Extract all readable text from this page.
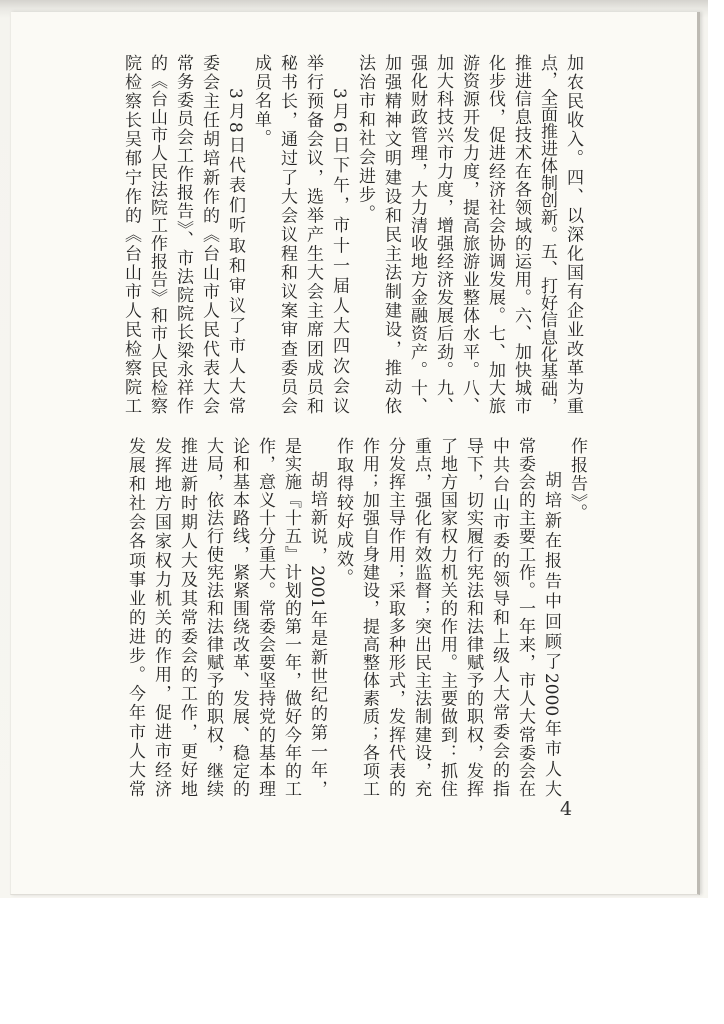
加农民收入。四、以深化国有企业改革为重
点，全面推进体制创新。五、打好信息化基础，
推进信息技术在各领域的运用。六、加快城市
化步伐，促进经济社会协调发展。七、加大旅
游资源开发力度，提高旅游业整体水平。八、
加大科技兴市力度，增强经济发展后劲。九、
强化财政管理，大力清收地方金融资产。十、
加强精神文明建设和民主法制建设，推动依
法治市和社会进步。
3月6日下午，市十一届人大四次会议
举行预备会议，选举产生大会主席团成员和
秘书长，通过了大会议程和议案审查委员会
成员名单。
3月8日代表们听取和审议了市人大常
委会主任胡培新作的《台山市人民代表大会
常务委员会工作报告》、市法院院长梁永祥作
的《台山市人民法院工作报告》和市人民检察
院检察长吴郁宁作的《台山市人民检察院工
作报告》。
胡培新在报告中回顾了2000年市人大
常委会的主要工作。一年来，市人大常委会在
中共台山市委的领导和上级人大常委会的指
导下，切实履行宪法和法律赋予的职权，发挥
了地方国家权力机关的作用。主要做到：抓住
重点，强化有效监督；突出民主法制建设，充
分发挥主导作用；采取多种形式，发挥代表的
作用；加强自身建设，提高整体素质；各项工
作取得较好成效。
胡培新说，2001年是新世纪的第一年，
是实施『十五』计划的第一年，做好今年的工
作，意义十分重大。常委会要坚持党的基本理
论和基本路线，紧紧围绕改革、发展、稳定的
大局，依法行使宪法和法律赋予的职权，继续
推进新时期人大及其常委会的工作，更好地
发挥地方国家权力机关的作用，促进市经济
发展和社会各项事业的进步。今年市人大常
4
